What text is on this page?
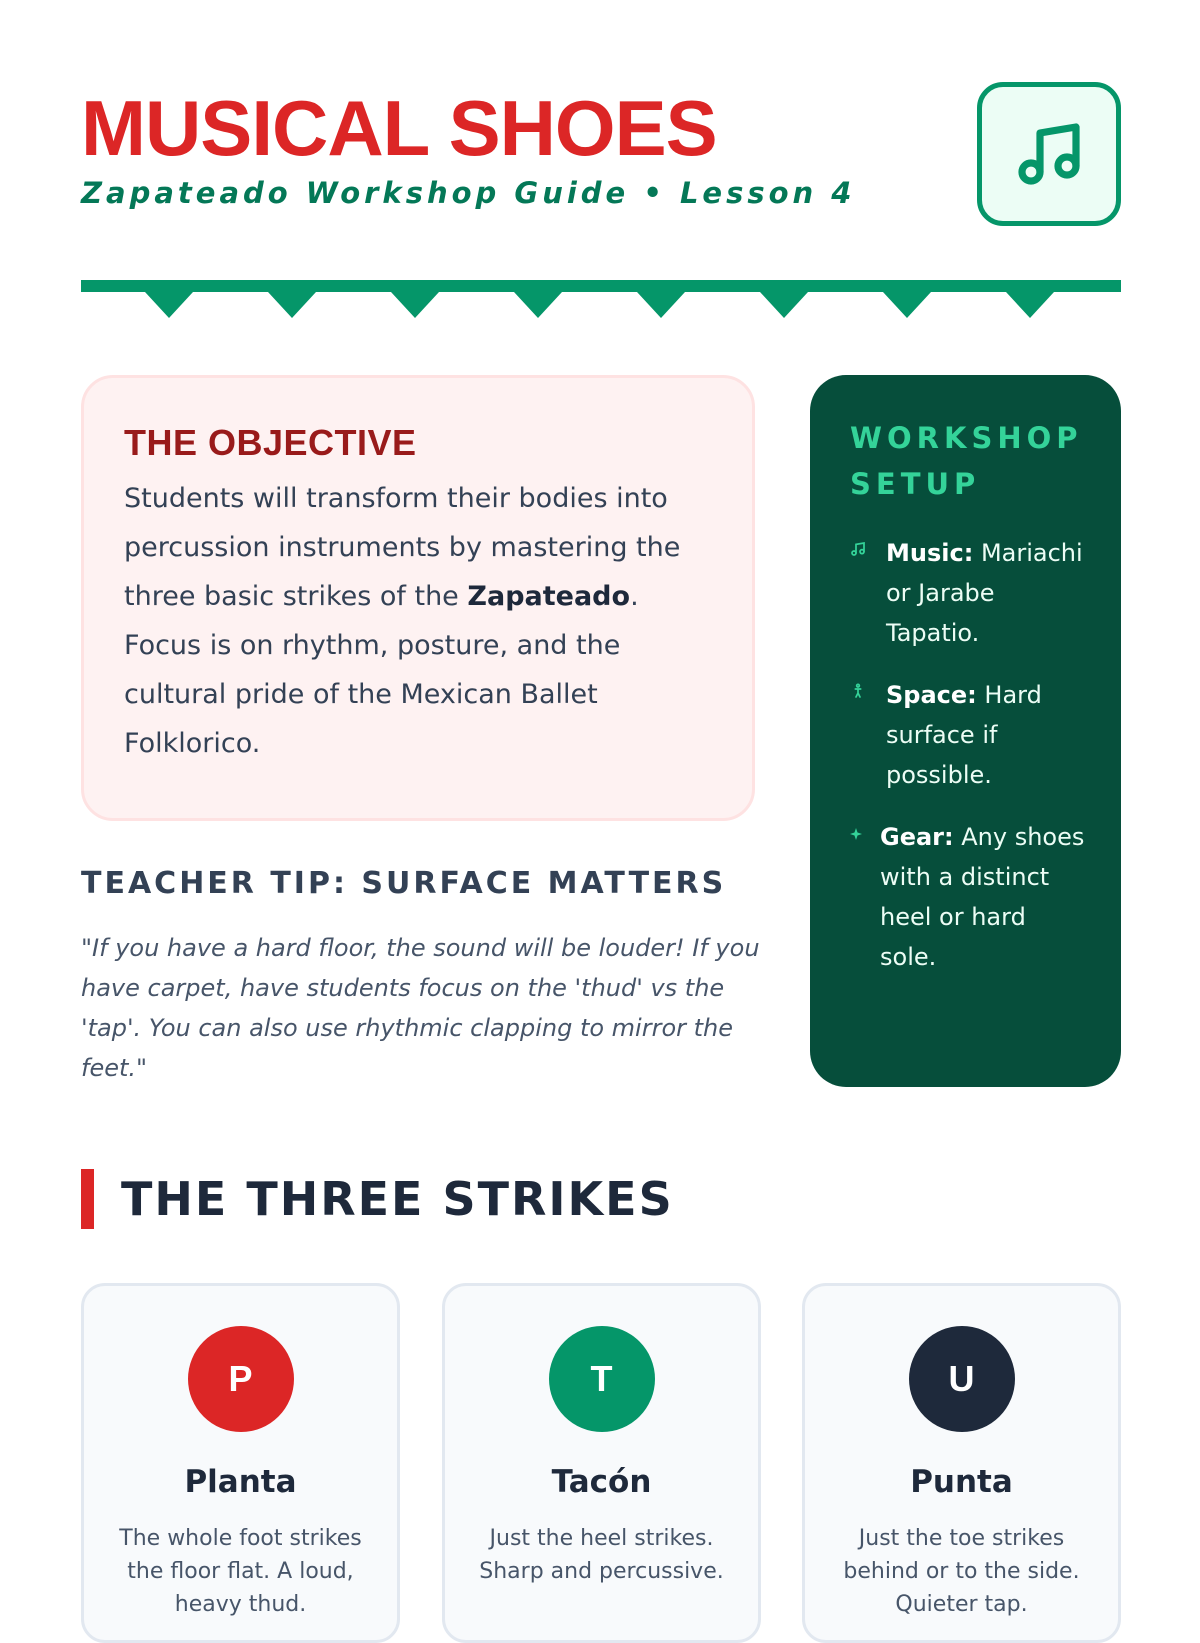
MUSICAL SHOES
Zapateado Workshop Guide • Lesson 4
THE OBJECTIVE

Students will transform their bodies into percussion instruments by mastering the three basic strikes of the Zapateado. Focus is on rhythm, posture, and the cultural pride of the Mexican Ballet Folklorico.

TEACHER TIP: SURFACE MATTERS
"If you have a hard floor, the sound will be louder! If you have carpet, have students focus on the 'thud' vs the 'tap'. You can also use rhythmic clapping to mirror the feet."
WORKSHOP SETUP
Music: Mariachi or Jarabe Tapatio.
Space: Hard surface if possible.
Gear: Any shoes with a distinct heel or hard sole.
THE THREE STRIKES
P
Planta
The whole foot strikes the floor flat. A loud, heavy thud.
T
Tacón
Just the heel strikes. Sharp and percussive.
U
Punta
Just the toe strikes behind or to the side. Quieter tap.
